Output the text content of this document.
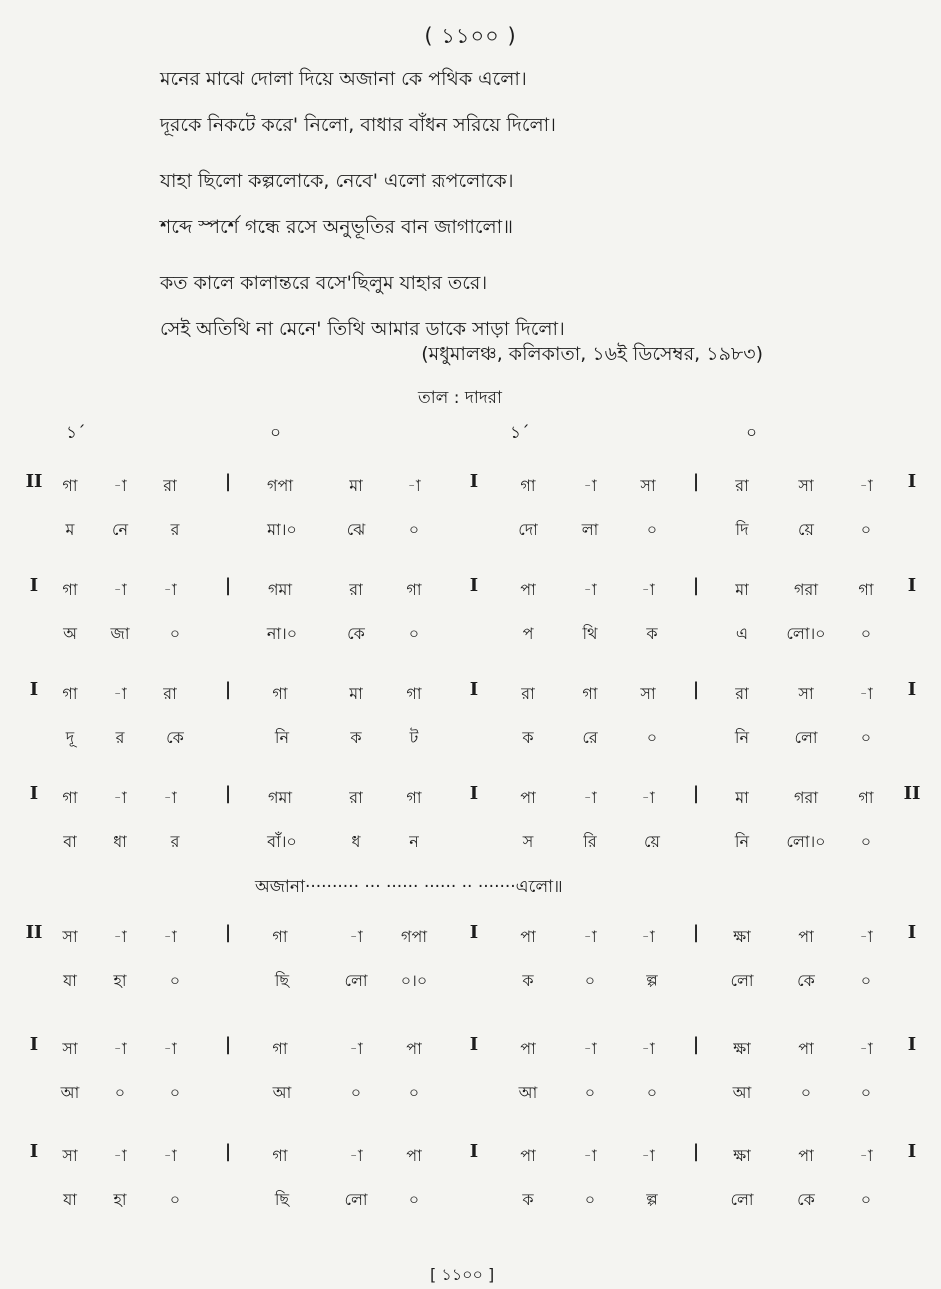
( ১১০০ )
মনের মাঝে দোলা দিয়ে অজানা কে পথিক এলো।
দূরকে নিকটে করে' নিলো, বাধার বাঁধন সরিয়ে দিলো।
যাহা ছিলো কল্পলোকে, নেবে' এলো রূপলোকে।
শব্দে স্পর্শে গন্ধে রসে অনুভূতির বান জাগালো॥
কত কালে কালান্তরে বসে'ছিলুম যাহার তরে।
সেই অতিথি না মেনে' তিথি আমার ডাকে সাড়া দিলো।
(মধুমালঞ্চ, কলিকাতা, ১৬ই ডিসেম্বর, ১৯৮৩)
তাল : দাদরা
১´	০	১´	০
II গা -া রা	| গপা	মা	-া	I	গা	-া	সা | রা	সা	-া I
ম নে	র	মা।০	ঝে	০	দো	লা	০	দি	য়ে	০
I গা -া -া	| গমা	রা	গা	I	পা	-া	-া | মা	গরা	গা I
অ জা	০	না।০	কে	০	প	থি	ক	এ লো।০ ০
I গা -া রা	|	গা	মা	গা	I	রা	গা	সা | রা	সা	-া I
দূ	র	কে	নি	ক	ট	ক	রে	০	নি	লো	০
I গা -া -া	| গমা	রা	গা	I	পা	-া	-া | মা	গরা	গা II
বা ধা	র	বাঁ।০	ধ	ন	স	রি	য়ে	নি লো।০ ০
II সা -া -া	|	গা	-া গপা I	পা	-া	-া | ক্ষা	পা	-া I
যা হা	০	ছি	লো ০।০	ক	০	ল্প	লো	কে	০
I সা -া -া	|	গা	-া	পা	I	পা	-া	-া | ক্ষা	পা	-া I
আ ০	০	আ	০	০	আ	০	০	আ	০	০
I সা -া -া	|	গা	-া	পা	I	পা	-া	-া | ক্ষা	পা	-া I
যা হা	০	ছি	লো	০	ক	০	ল্প	লো	কে	০
অজানা·········· ··· ······ ······ ·· ·······এলো॥
[ ১১০০ ]
